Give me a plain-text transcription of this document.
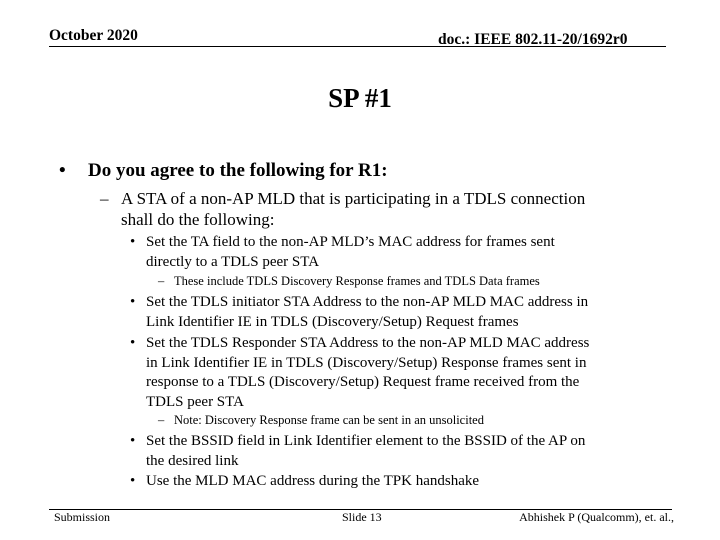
October 2020	doc.: IEEE 802.11-20/1692r0
SP #1
• Do you agree to the following for R1:
– A STA of a non-AP MLD that is participating in a TDLS connection
shall do the following:
• Set the TA field to the non-AP MLD’s MAC address for frames sent
directly to a TDLS peer STA
– These include TDLS Discovery Response frames and TDLS Data frames
• Set the TDLS initiator STA Address to the non-AP MLD MAC address in
Link Identifier IE in TDLS (Discovery/Setup) Request frames
• Set the TDLS Responder STA Address to the non-AP MLD MAC address
in Link Identifier IE in TDLS (Discovery/Setup) Response frames sent in
response to a TDLS (Discovery/Setup) Request frame received from the
TDLS peer STA
– Note: Discovery Response frame can be sent in an unsolicited
• Set the BSSID field in Link Identifier element to the BSSID of the AP on
the desired link
• Use the MLD MAC address during the TPK handshake
Submission	Slide 13	Abhishek P (Qualcomm), et. al.,
